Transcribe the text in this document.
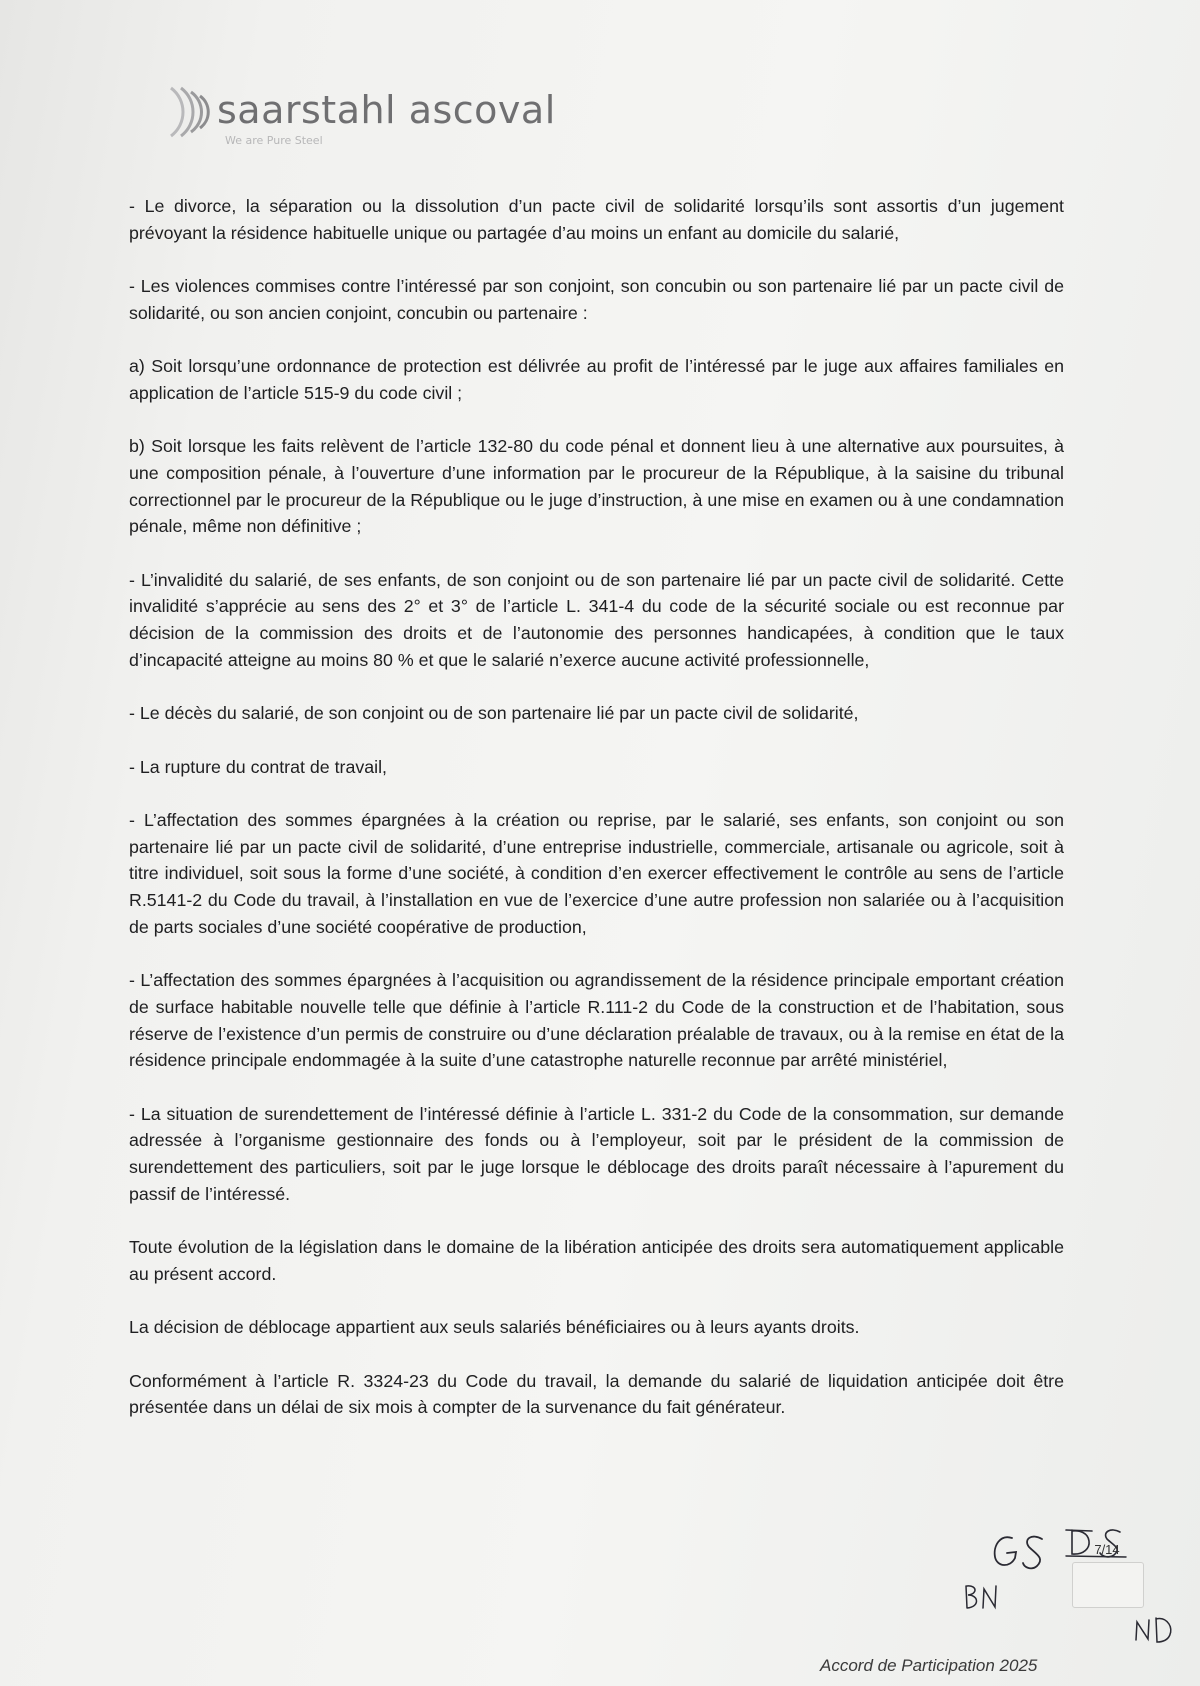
saarstahl ascoval
We are Pure Steel

- Le divorce, la séparation ou la dissolution d’un pacte civil de solidarité lorsqu’ils sont assortis d’un jugement prévoyant la résidence habituelle unique ou partagée d’au moins un enfant au domicile du salarié,

- Les violences commises contre l’intéressé par son conjoint, son concubin ou son partenaire lié par un pacte civil de solidarité, ou son ancien conjoint, concubin ou partenaire :

a) Soit lorsqu’une ordonnance de protection est délivrée au profit de l’intéressé par le juge aux affaires familiales en application de l’article 515-9 du code civil ;

b) Soit lorsque les faits relèvent de l’article 132-80 du code pénal et donnent lieu à une alternative aux poursuites, à une composition pénale, à l’ouverture d’une information par le procureur de la République, à la saisine du tribunal correctionnel par le procureur de la République ou le juge d’instruction, à une mise en examen ou à une condamnation pénale, même non définitive ;

- L’invalidité du salarié, de ses enfants, de son conjoint ou de son partenaire lié par un pacte civil de solidarité. Cette invalidité s’apprécie au sens des 2° et 3° de l’article L. 341-4 du code de la sécurité sociale ou est reconnue par décision de la commission des droits et de l’autonomie des personnes handicapées, à condition que le taux d’incapacité atteigne au moins 80 % et que le salarié n’exerce aucune activité professionnelle,

- Le décès du salarié, de son conjoint ou de son partenaire lié par un pacte civil de solidarité,

- La rupture du contrat de travail,

- L’affectation des sommes épargnées à la création ou reprise, par le salarié, ses enfants, son conjoint ou son partenaire lié par un pacte civil de solidarité, d’une entreprise industrielle, commerciale, artisanale ou agricole, soit à titre individuel, soit sous la forme d’une société, à condition d’en exercer effectivement le contrôle au sens de l’article R.5141-2 du Code du travail, à l’installation en vue de l’exercice d’une autre profession non salariée ou à l’acquisition de parts sociales d’une société coopérative de production,

- L’affectation des sommes épargnées à l’acquisition ou agrandissement de la résidence principale emportant création de surface habitable nouvelle telle que définie à l’article R.111-2 du Code de la construction et de l’habitation, sous réserve de l’existence d’un permis de construire ou d’une déclaration préalable de travaux, ou à la remise en état de la résidence principale endommagée à la suite d’une catastrophe naturelle reconnue par arrêté ministériel,

- La situation de surendettement de l’intéressé définie à l’article L. 331-2 du Code de la consommation, sur demande adressée à l’organisme gestionnaire des fonds ou à l’employeur, soit par le président de la commission de surendettement des particuliers, soit par le juge lorsque le déblocage des droits paraît nécessaire à l’apurement du passif de l’intéressé.

Toute évolution de la législation dans le domaine de la libération anticipée des droits sera automatiquement applicable au présent accord.

La décision de déblocage appartient aux seuls salariés bénéficiaires ou à leurs ayants droits.

Conformément à l’article R. 3324-23 du Code du travail, la demande du salarié de liquidation anticipée doit être présentée dans un délai de six mois à compter de la survenance du fait générateur.

7/14
Accord de Participation 2025
